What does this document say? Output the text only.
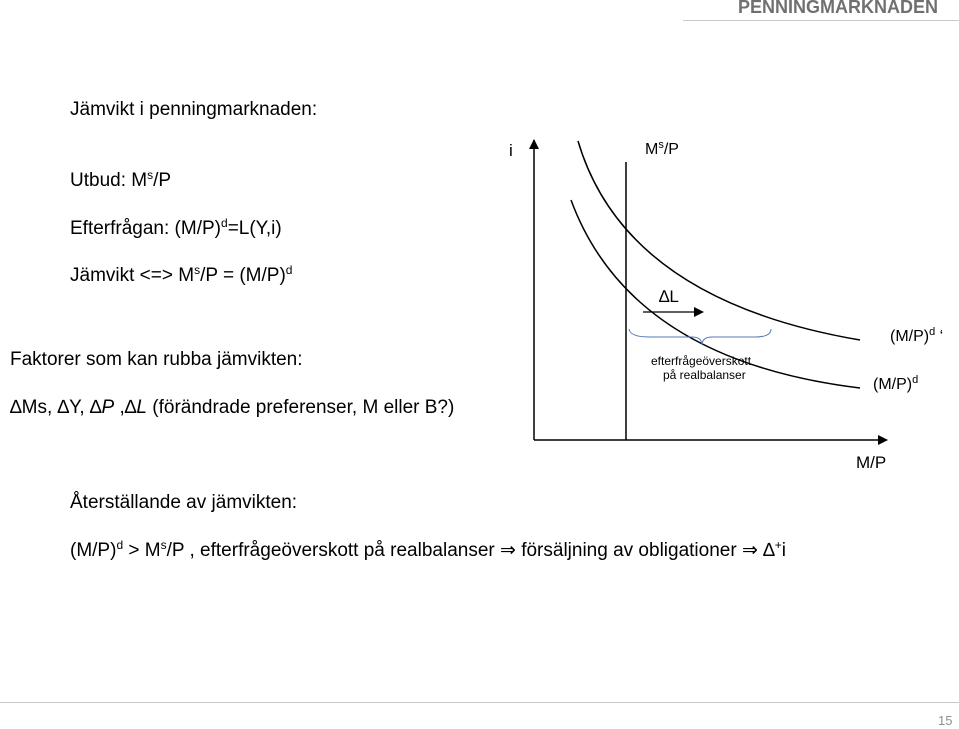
PENNINGMARKNADEN
Jämvikt i penningmarknaden:
Utbud: $M^s/P$
Efterfrågan: $(M/P)^d=L(Y,i)$
Jämvikt <=> $M^s/P = (M/P)^d$
Faktorer som kan rubba jämvikten:
∆Ms, ∆Y, ∆P ,∆L (förändrade preferenser, M eller B?)
i	$M^s/P$
∆L
efterfrågeöverskott
på realbalanser
$(M/P)^d$ ‘
$(M/P)^d$
M/P
Återställande av jämvikten:
$(M/P)^d > M^s/P$ , efterfrågeöverskott på realbalanser ⇒ försäljning av obligationer ⇒ ∆+i
15
